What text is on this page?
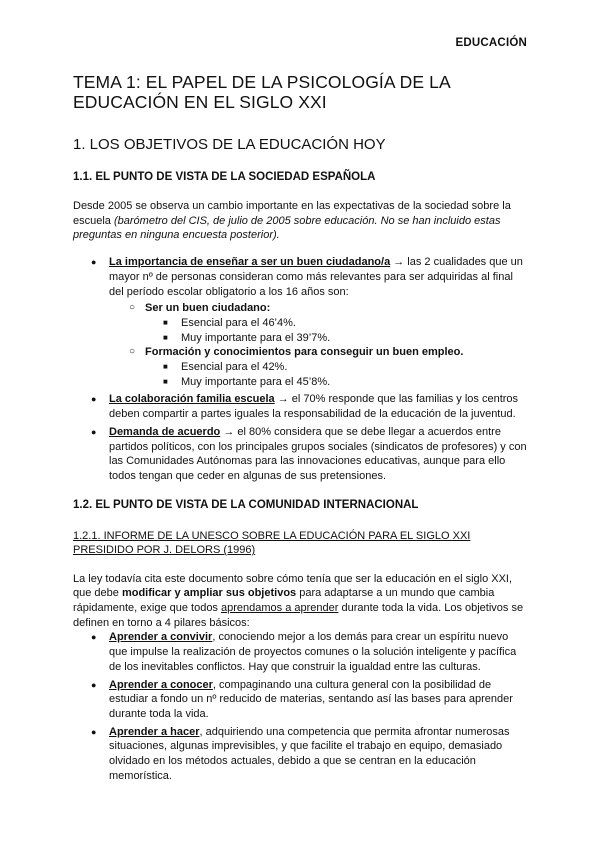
EDUCACIÓN
TEMA 1: EL PAPEL DE LA PSICOLOGÍA DE LA EDUCACIÓN EN EL SIGLO XXI
1. LOS OBJETIVOS DE LA EDUCACIÓN HOY
1.1. EL PUNTO DE VISTA DE LA SOCIEDAD ESPAÑOLA

Desde 2005 se observa un cambio importante en las expectativas de la sociedad sobre la escuela (barómetro del CIS, de julio de 2005 sobre educación. No se han incluido estas preguntas en ninguna encuesta posterior).

● La importancia de enseñar a ser un buen ciudadano/a → las 2 cualidades que un mayor nº de personas consideran como más relevantes para ser adquiridas al final del período escolar obligatorio a los 16 años son:
○ Ser un buen ciudadano:
■ Esencial para el 46’4%.
■ Muy importante para el 39’7%.
○ Formación y conocimientos para conseguir un buen empleo.
■ Esencial para el 42%.
■ Muy importante para el 45’8%.
● La colaboración familia escuela → el 70% responde que las familias y los centros deben compartir a partes iguales la responsabilidad de la educación de la juventud.
● Demanda de acuerdo → el 80% considera que se debe llegar a acuerdos entre partidos políticos, con los principales grupos sociales (sindicatos de profesores) y con las Comunidades Autónomas para las innovaciones educativas, aunque para ello todos tengan que ceder en algunas de sus pretensiones.
1.2. EL PUNTO DE VISTA DE LA COMUNIDAD INTERNACIONAL
1.2.1. INFORME DE LA UNESCO SOBRE LA EDUCACIÓN PARA EL SIGLO XXI PRESIDIDO POR J. DELORS (1996)

La ley todavía cita este documento sobre cómo tenía que ser la educación en el siglo XXI, que debe modificar y ampliar sus objetivos para adaptarse a un mundo que cambia rápidamente, exige que todos aprendamos a aprender durante toda la vida. Los objetivos se definen en torno a 4 pilares básicos:

● Aprender a convivir, conociendo mejor a los demás para crear un espíritu nuevo que impulse la realización de proyectos comunes o la solución inteligente y pacífica de los inevitables conflictos. Hay que construir la igualdad entre las culturas.
● Aprender a conocer, compaginando una cultura general con la posibilidad de estudiar a fondo un nº reducido de materias, sentando así las bases para aprender durante toda la vida.
● Aprender a hacer, adquiriendo una competencia que permita afrontar numerosas situaciones, algunas imprevisibles, y que facilite el trabajo en equipo, demasiado olvidado en los métodos actuales, debido a que se centran en la educación memorística.
